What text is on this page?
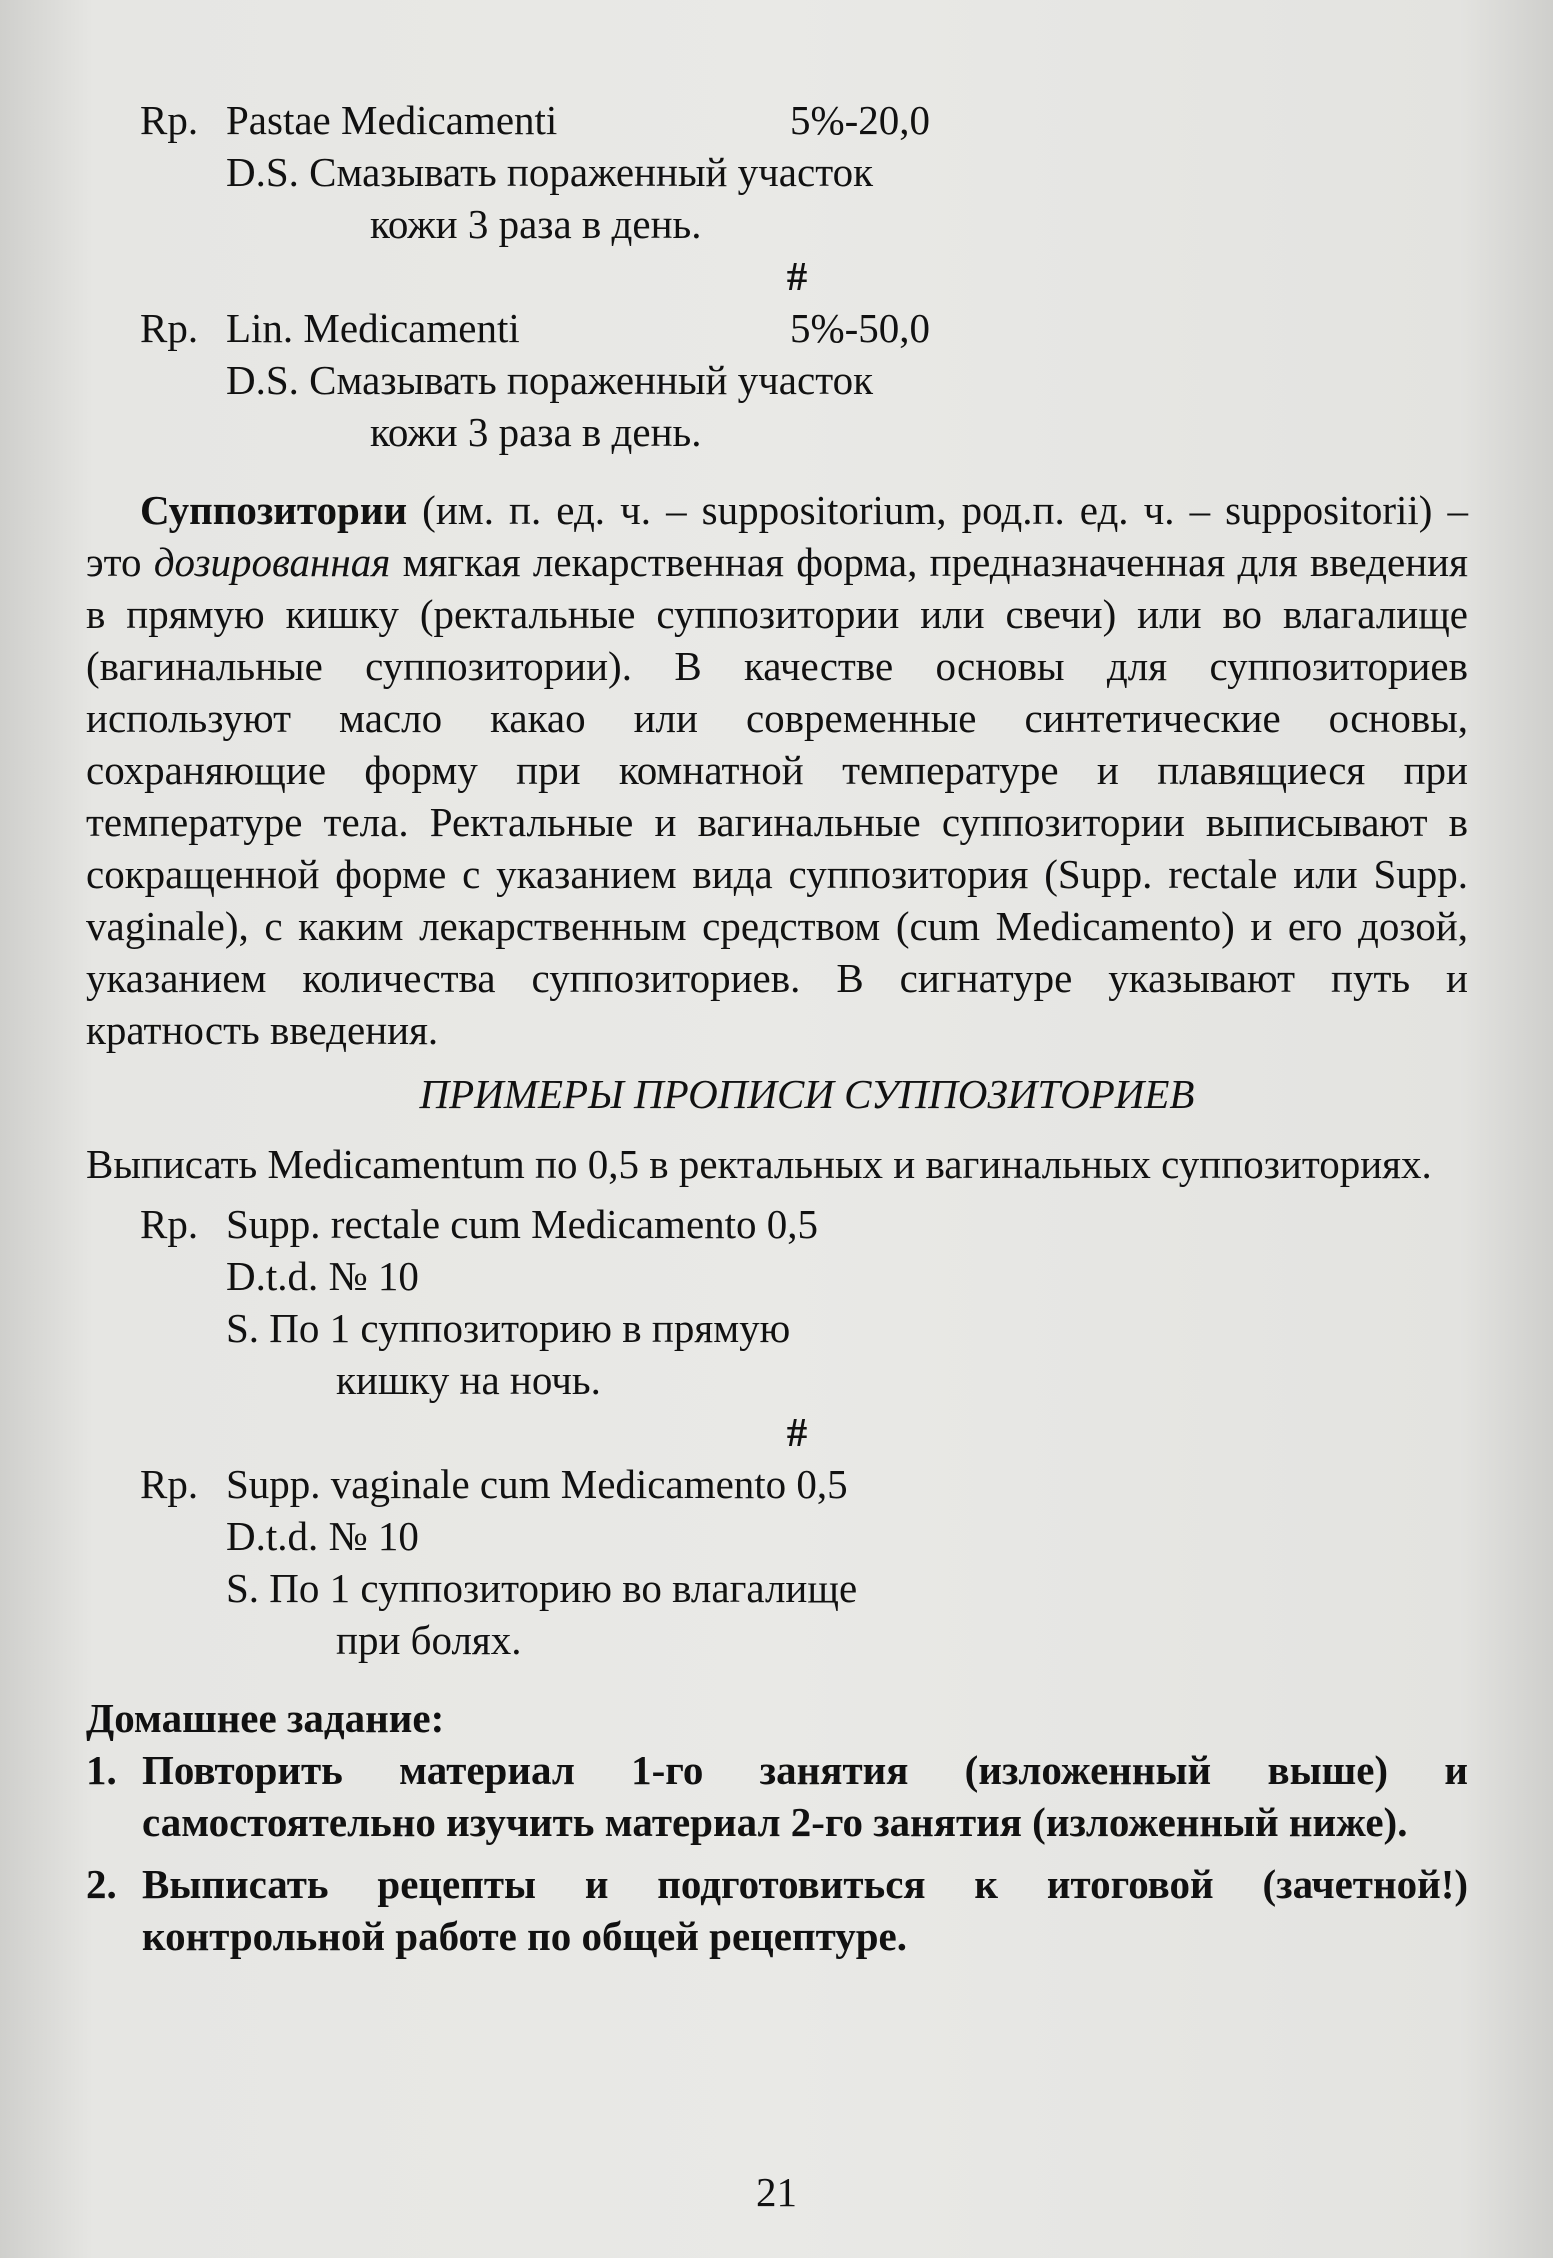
Rp. Pastae Medicamenti	5%-20,0
D.S. Смазывать пораженный участок
кожи 3 раза в день.
#
Rp. Lin. Medicamenti	5%-50,0
D.S. Смазывать пораженный участок
кожи 3 раза в день.

Суппозитории (им. п. ед. ч. – suppositorium, род.п. ед. ч. – suppositorii) – это дозированная мягкая лекарственная форма, предназначенная для введения в прямую кишку (ректальные суппозитории или свечи) или во влагалище (вагинальные суппозитории). В качестве основы для суппозиториев используют масло какао или современные синтетические основы, сохраняющие форму при комнатной температуре и плавящиеся при температуре тела. Ректальные и вагинальные суппозитории выписывают в сокращенной форме с указанием вида суппозитория (Supp. rectale или Supp. vaginale), с каким лекарственным средством (cum Medicamento) и его дозой, указанием количества суппозиториев. В сигнатуре указывают путь и кратность введения.

ПРИМЕРЫ ПРОПИСИ СУППОЗИТОРИЕВ

Выписать Medicamentum по 0,5 в ректальных и вагинальных суппозиториях.

Rp. Supp. rectale cum Medicamento 0,5
D.t.d. № 10
S. По 1 суппозиторию в прямую
кишку на ночь.
#
Rp. Supp. vaginale cum Medicamento 0,5
D.t.d. № 10
S. По 1 суппозиторию во влагалище
при болях.
Домашнее задание:
1. Повторить материал 1-го занятия (изложенный выше) и самостоятельно изучить материал 2-го занятия (изложенный ниже).
2. Выписать рецепты и подготовиться к итоговой (зачетной!) контрольной работе по общей рецептуре.
21
